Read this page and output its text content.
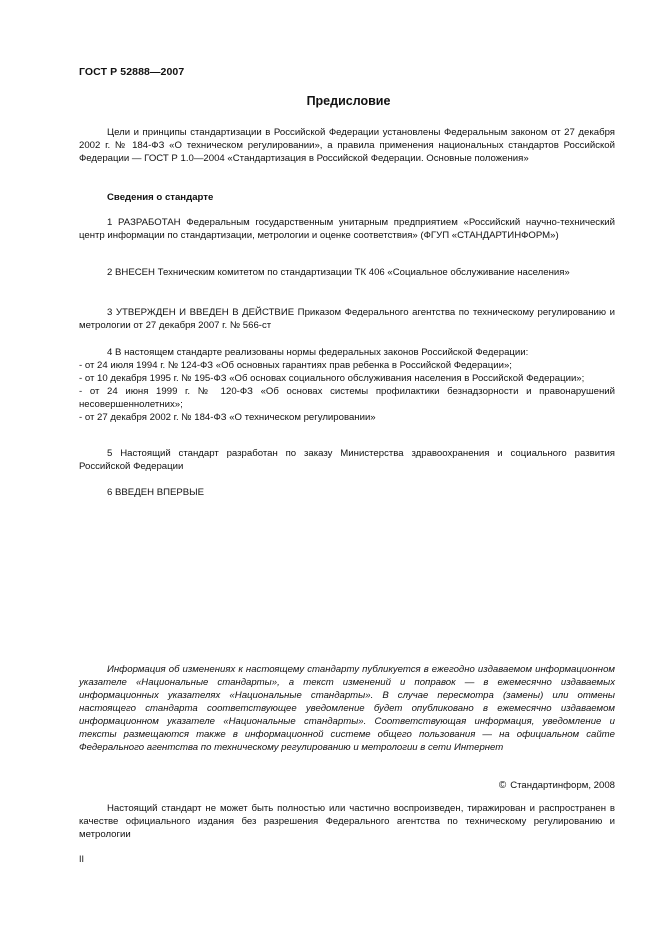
ГОСТ Р 52888—2007
Предисловие

Цели и принципы стандартизации в Российской Федерации установлены Федеральным законом от 27 декабря 2002 г. № 184-ФЗ «О техническом регулировании», а правила применения национальных стандартов Российской Федерации — ГОСТ Р 1.0—2004 «Стандартизация в Российской Федерации. Основные положения»

Сведения о стандарте

1 РАЗРАБОТАН Федеральным государственным унитарным предприятием «Российский научно-технический центр информации по стандартизации, метрологии и оценке соответствия» (ФГУП «СТАНДАРТИНФОРМ»)

2 ВНЕСЕН Техническим комитетом по стандартизации ТК 406 «Социальное обслуживание населения»

3 УТВЕРЖДЕН И ВВЕДЕН В ДЕЙСТВИЕ Приказом Федерального агентства по техническому регулированию и метрологии от 27 декабря 2007 г. № 566-ст

4 В настоящем стандарте реализованы нормы федеральных законов Российской Федерации:

- от 24 июля 1994 г. № 124-ФЗ «Об основных гарантиях прав ребенка в Российской Федерации»;

- от 10 декабря 1995 г. № 195-ФЗ «Об основах социального обслуживания населения в Российской Федерации»;

- от 24 июня 1999 г. № 120-ФЗ «Об основах системы профилактики безнадзорности и правонарушений несовершеннолетних»;

- от 27 декабря 2002 г. № 184-ФЗ «О техническом регулировании»

5 Настоящий стандарт разработан по заказу Министерства здравоохранения и социального развития Российской Федерации

6 ВВЕДЕН ВПЕРВЫЕ

Информация об изменениях к настоящему стандарту публикуется в ежегодно издаваемом информационном указателе «Национальные стандарты», а текст изменений и поправок — в ежемесячно издаваемых информационных указателях «Национальные стандарты». В случае пересмотра (замены) или отмены настоящего стандарта соответствующее уведомление будет опубликовано в ежемесячно издаваемом информационном указателе «Национальные стандарты». Соответствующая информация, уведомление и тексты размещаются также в информационной системе общего пользования — на официальном сайте Федерального агентства по техническому регулированию и метрологии в сети Интернет

© Стандартинформ, 2008

Настоящий стандарт не может быть полностью или частично воспроизведен, тиражирован и распространен в качестве официального издания без разрешения Федерального агентства по техническому регулированию и метрологии

II
